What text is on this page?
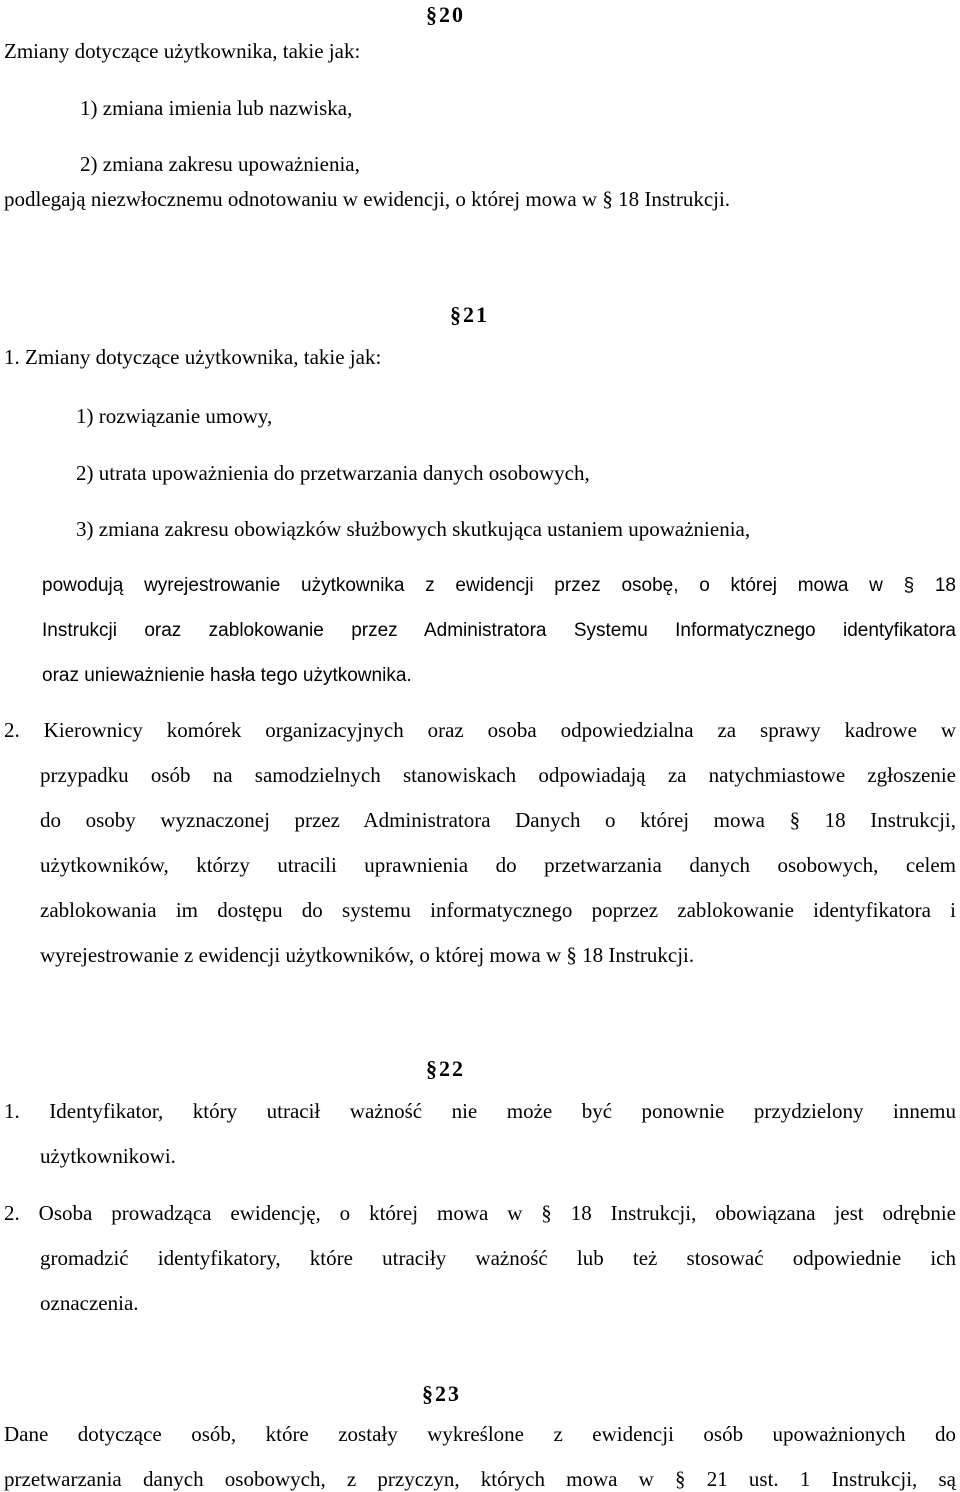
§20
Zmiany dotyczące użytkownika, takie jak:
1) zmiana imienia lub nazwiska,
2) zmiana zakresu upoważnienia,
podlegają niezwłocznemu odnotowaniu w ewidencji, o której mowa w § 18 Instrukcji.
§21
1. Zmiany dotyczące użytkownika, takie jak:
1) rozwiązanie umowy,
2) utrata upoważnienia do przetwarzania danych osobowych,
3) zmiana zakresu obowiązków służbowych skutkująca ustaniem upoważnienia,
powodują wyrejestrowanie użytkownika z ewidencji przez osobę, o której mowa w § 18
Instrukcji oraz zablokowanie przez Administratora Systemu Informatycznego identyfikatora
oraz unieważnienie hasła tego użytkownika.
2. Kierownicy komórek organizacyjnych oraz osoba odpowiedzialna za sprawy kadrowe w
przypadku osób na samodzielnych stanowiskach odpowiadają za natychmiastowe zgłoszenie
do osoby wyznaczonej przez Administratora Danych o której mowa § 18 Instrukcji,
użytkowników, którzy utracili uprawnienia do przetwarzania danych osobowych, celem
zablokowania im dostępu do systemu informatycznego poprzez zablokowanie identyfikatora i
wyrejestrowanie z ewidencji użytkowników, o której mowa w § 18 Instrukcji.
§22
1. Identyfikator, który utracił ważność nie może być ponownie przydzielony innemu
użytkownikowi.
2. Osoba prowadząca ewidencję, o której mowa w § 18 Instrukcji, obowiązana jest odrębnie
gromadzić identyfikatory, które utraciły ważność lub też stosować odpowiednie ich
oznaczenia.
§23
Dane dotyczące osób, które zostały wykreślone z ewidencji osób upoważnionych do
przetwarzania danych osobowych, z przyczyn, których mowa w § 21 ust. 1 Instrukcji, są
